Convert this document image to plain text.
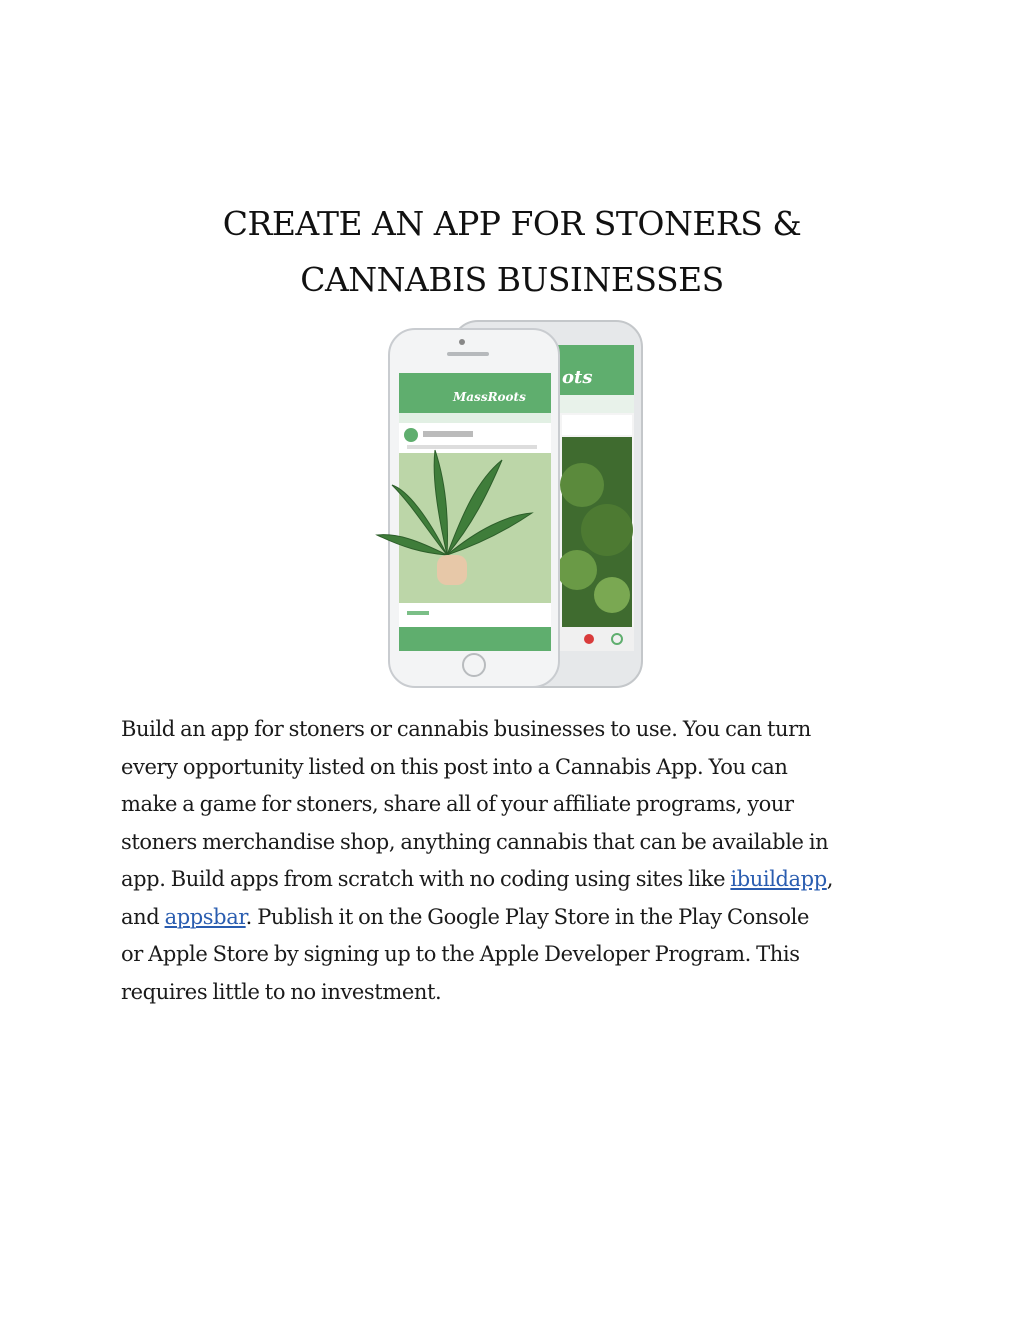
CREATE AN APP FOR STONERS &
CANNABIS BUSINESSES
ots
MassRoots

Build an app for stoners or cannabis businesses to use. You can turn
every opportunity listed on this post into a Cannabis App. You can
make a game for stoners, share all of your affiliate programs, your
stoners merchandise shop, anything cannabis that can be available in
app. Build apps from scratch with no coding using sites like ibuildapp,
and appsbar. Publish it on the Google Play Store in the Play Console
or Apple Store by signing up to the Apple Developer Program. This
requires little to no investment.
